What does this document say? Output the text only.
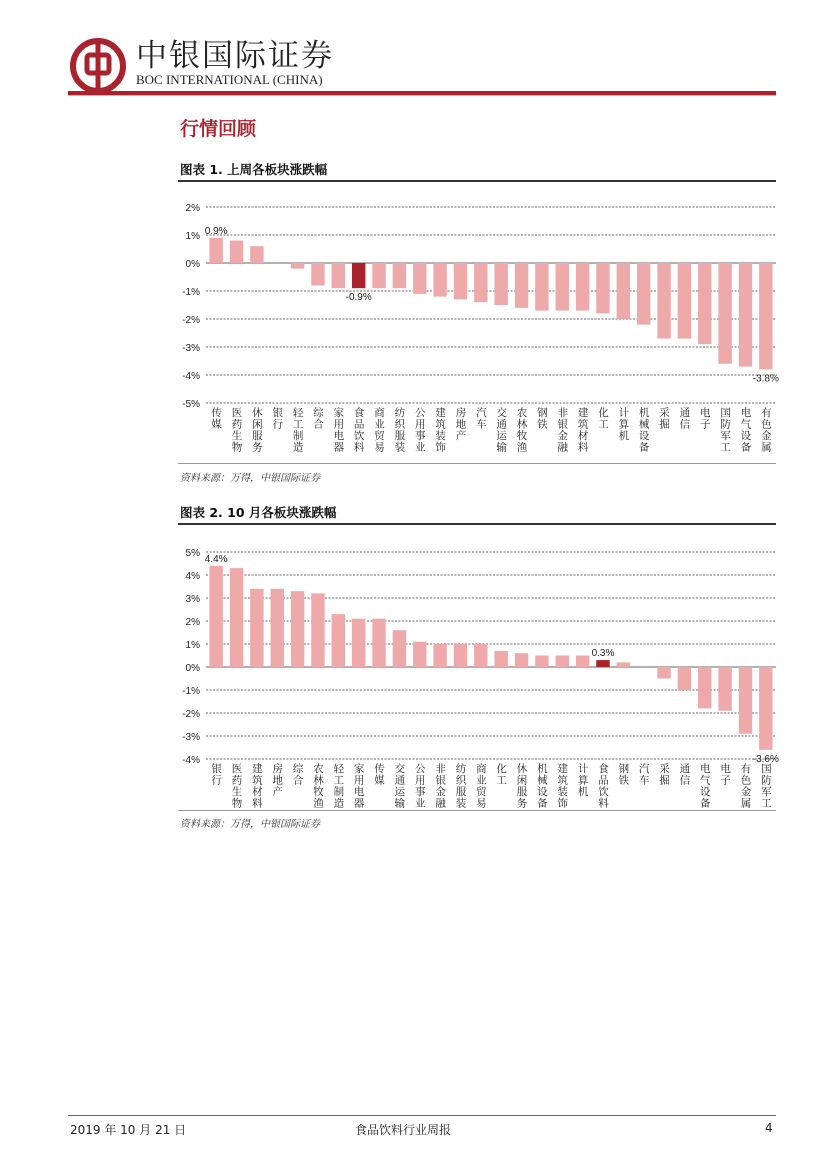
中银国际证券
BOC INTERNATIONAL (CHINA)
行情回顾
图表 1. 上周各板块涨跌幅
2%
1%
0%
-1%
-2%
-3%
-4%
-5%
传媒 医药生物 休闲服务 银行 轻工制造 综合 家用电器 食品饮料 商业贸易 纺织服装 公用事业 建筑装饰 房地产 汽车 交通运输 农林牧渔 钢铁 非银金融 建筑材料 化工 计算机 机械设备 采掘 通信 电子 国防军工 电气设备 有色金属
0.9%
-0.9%
-3.8%
资料来源：万得，中银国际证券
图表 2. 10 月各板块涨跌幅
5%
4%
3%
2%
1%
0%
-1%
-2%
-3%
-4%
银行 医药生物 建筑材料 房地产 综合 农林牧渔 轻工制造 家用电器 传媒 交通运输 公用事业 非银金融 纺织服装 商业贸易 化工 休闲服务 机械设备 建筑装饰 计算机 食品饮料 钢铁 汽车 采掘 通信 电气设备 电子 有色金属 国防军工
4.4%
0.3%
-3.6%
资料来源：万得，中银国际证券
2019 年 10 月 21 日	食品饮料行业周报	4
